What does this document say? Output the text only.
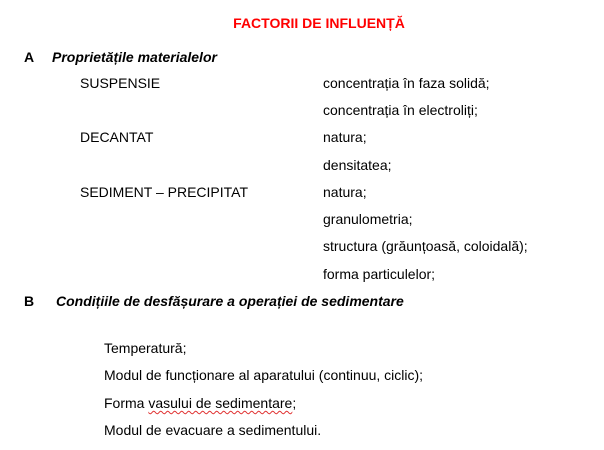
FACTORII DE INFLUENȚĂ
A Proprietățile materialelor
SUSPENSIE	concentrația în faza solidă;
concentrația în electroliți;
DECANTAT	natura;
densitatea;
SEDIMENT – PRECIPITAT	natura;
granulometria;
structura (grăunțoasă, coloidală);
forma particulelor;
B Condițiile de desfășurare a operației de sedimentare
Temperatură;
Modul de funcționare al aparatului (continuu, ciclic);
Forma vasului de sedimentare;
Modul de evacuare a sedimentului.
